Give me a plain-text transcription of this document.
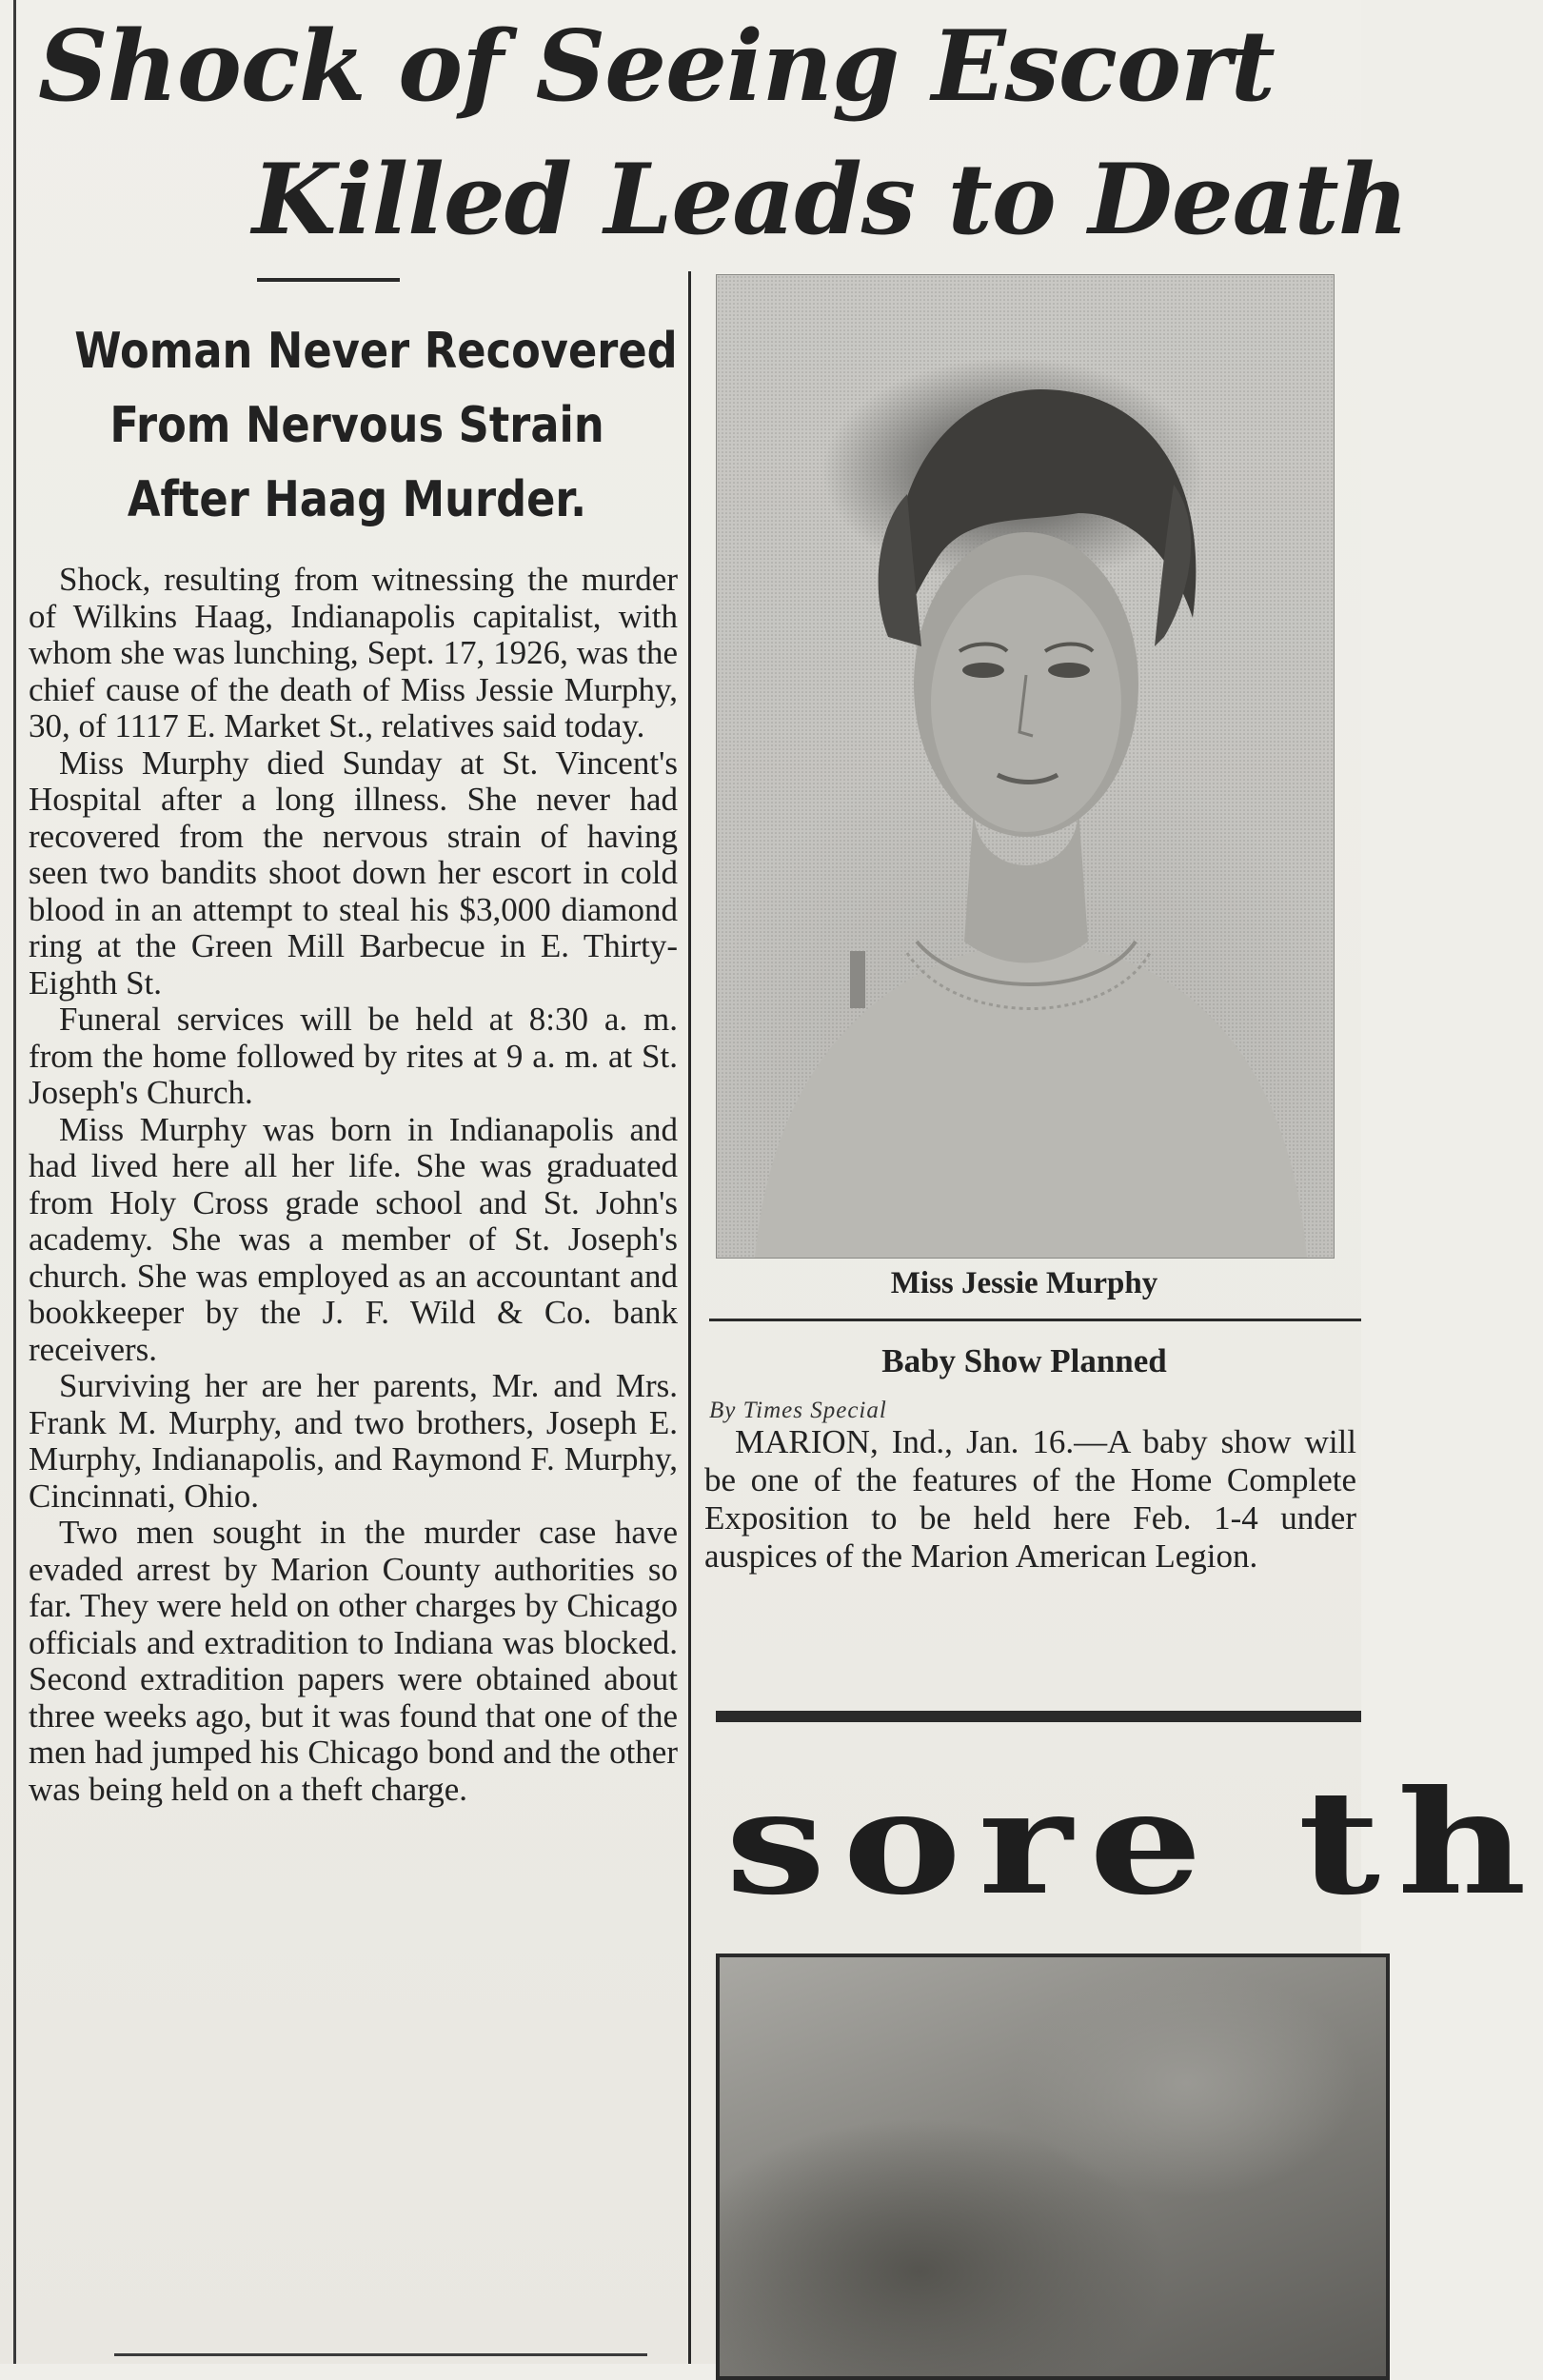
Shock of Seeing Escort
Killed Leads to Death
Woman Never Recovered
From Nervous Strain
After Haag Murder.

Shock, resulting from witnessing the murder of Wilkins Haag, Indianapolis capitalist, with whom she was lunching, Sept. 17, 1926, was the chief cause of the death of Miss Jessie Murphy, 30, of 1117 E. Market St., relatives said today.

Miss Murphy died Sunday at St. Vincent's Hospital after a long illness. She never had recovered from the nervous strain of having seen two bandits shoot down her escort in cold blood in an attempt to steal his $3,000 diamond ring at the Green Mill Barbecue in E. Thirty-Eighth St.

Funeral services will be held at 8:30 a. m. from the home followed by rites at 9 a. m. at St. Joseph's Church.

Miss Murphy was born in Indianapolis and had lived here all her life. She was graduated from Holy Cross grade school and St. John's academy. She was a member of St. Joseph's church. She was employed as an accountant and bookkeeper by the J. F. Wild & Co. bank receivers.

Surviving her are her parents, Mr. and Mrs. Frank M. Murphy, and two brothers, Joseph E. Murphy, Indianapolis, and Raymond F. Murphy, Cincinnati, Ohio.

Two men sought in the murder case have evaded arrest by Marion County authorities so far. They were held on other charges by Chicago officials and extradition to Indiana was blocked. Second extradition papers were obtained about three weeks ago, but it was found that one of the men had jumped his Chicago bond and the other was being held on a theft charge.

Miss Jessie Murphy
Baby Show Planned
By Times Special

MARION, Ind., Jan. 16.—A baby show will be one of the features of the Home Complete Exposition to be held here Feb. 1-4 under auspices of the Marion American Legion.

sore th
